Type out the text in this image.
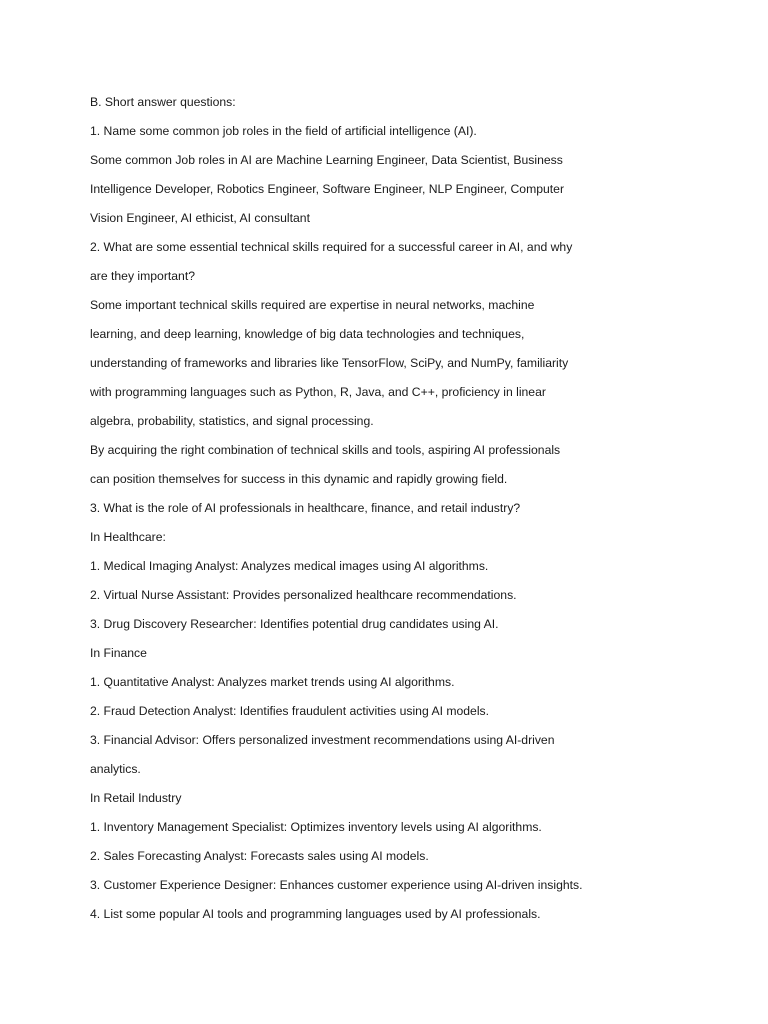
B. Short answer questions:
1. Name some common job roles in the field of artificial intelligence (AI).
Some common Job roles in AI are Machine Learning Engineer, Data Scientist, Business
Intelligence Developer, Robotics Engineer, Software Engineer, NLP Engineer, Computer
Vision Engineer, AI ethicist, AI consultant
2. What are some essential technical skills required for a successful career in AI, and why
are they important?
Some important technical skills required are expertise in neural networks, machine
learning, and deep learning, knowledge of big data technologies and techniques,
understanding of frameworks and libraries like TensorFlow, SciPy, and NumPy, familiarity
with programming languages such as Python, R, Java, and C++, proficiency in linear
algebra, probability, statistics, and signal processing.
By acquiring the right combination of technical skills and tools, aspiring AI professionals
can position themselves for success in this dynamic and rapidly growing field.
3. What is the role of AI professionals in healthcare, finance, and retail industry?
In Healthcare:
1. Medical Imaging Analyst: Analyzes medical images using AI algorithms.
2. Virtual Nurse Assistant: Provides personalized healthcare recommendations.
3. Drug Discovery Researcher: Identifies potential drug candidates using AI.
In Finance
1. Quantitative Analyst: Analyzes market trends using AI algorithms.
2. Fraud Detection Analyst: Identifies fraudulent activities using AI models.
3. Financial Advisor: Offers personalized investment recommendations using AI-driven
analytics.
In Retail Industry
1. Inventory Management Specialist: Optimizes inventory levels using AI algorithms.
2. Sales Forecasting Analyst: Forecasts sales using AI models.
3. Customer Experience Designer: Enhances customer experience using AI-driven insights.
4. List some popular AI tools and programming languages used by AI professionals.
